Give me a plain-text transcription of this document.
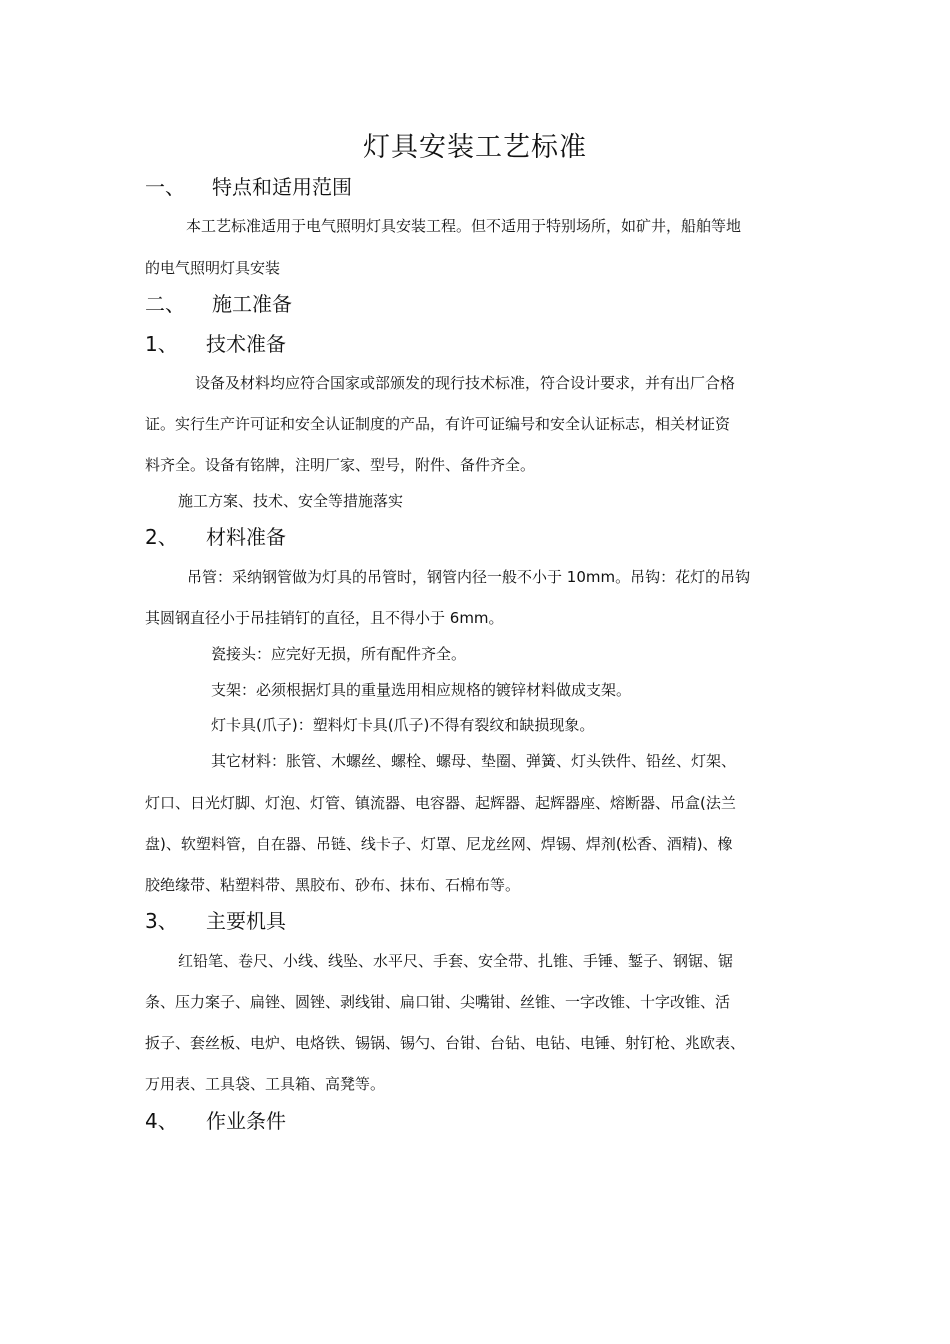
灯具安装工艺标准
一、 特点和适用范围
本工艺标准适用于电气照明灯具安装工程。但不适用于特别场所，如矿井，船舶等地
的电气照明灯具安装
二、 施工准备
1、 技术准备
设备及材料均应符合国家或部颁发的现行技术标准，符合设计要求，并有出厂合格
证。实行生产许可证和安全认证制度的产品，有许可证编号和安全认证标志，相关材证资
料齐全。设备有铭牌，注明厂家、型号，附件、备件齐全。
施工方案、技术、安全等措施落实
2、 材料准备
吊管：采纳钢管做为灯具的吊管时，钢管内径一般不小于 10mm。吊钩：花灯的吊钩
其圆钢直径小于吊挂销钉的直径，且不得小于 6mm。
瓷接头：应完好无损，所有配件齐全。
支架：必须根据灯具的重量选用相应规格的镀锌材料做成支架。
灯卡具(爪子)：塑料灯卡具(爪子)不得有裂纹和缺损现象。
其它材料：胀管、木螺丝、螺栓、螺母、垫圈、弹簧、灯头铁件、铅丝、灯架、
灯口、日光灯脚、灯泡、灯管、镇流器、电容器、起辉器、起辉器座、熔断器、吊盒(法兰
盘)、软塑料管，自在器、吊链、线卡子、灯罩、尼龙丝网、焊锡、焊剂(松香、酒精)、橡
胶绝缘带、粘塑料带、黑胶布、砂布、抹布、石棉布等。
3、 主要机具
红铅笔、卷尺、小线、线坠、水平尺、手套、安全带、扎锥、手锤、錾子、钢锯、锯
条、压力案子、扁锉、圆锉、剥线钳、扁口钳、尖嘴钳、丝锥、一字改锥、十字改锥、活
扳子、套丝板、电炉、电烙铁、锡锅、锡勺、台钳、台钻、电钻、电锤、射钉枪、兆欧表、
万用表、工具袋、工具箱、高凳等。
4、 作业条件
